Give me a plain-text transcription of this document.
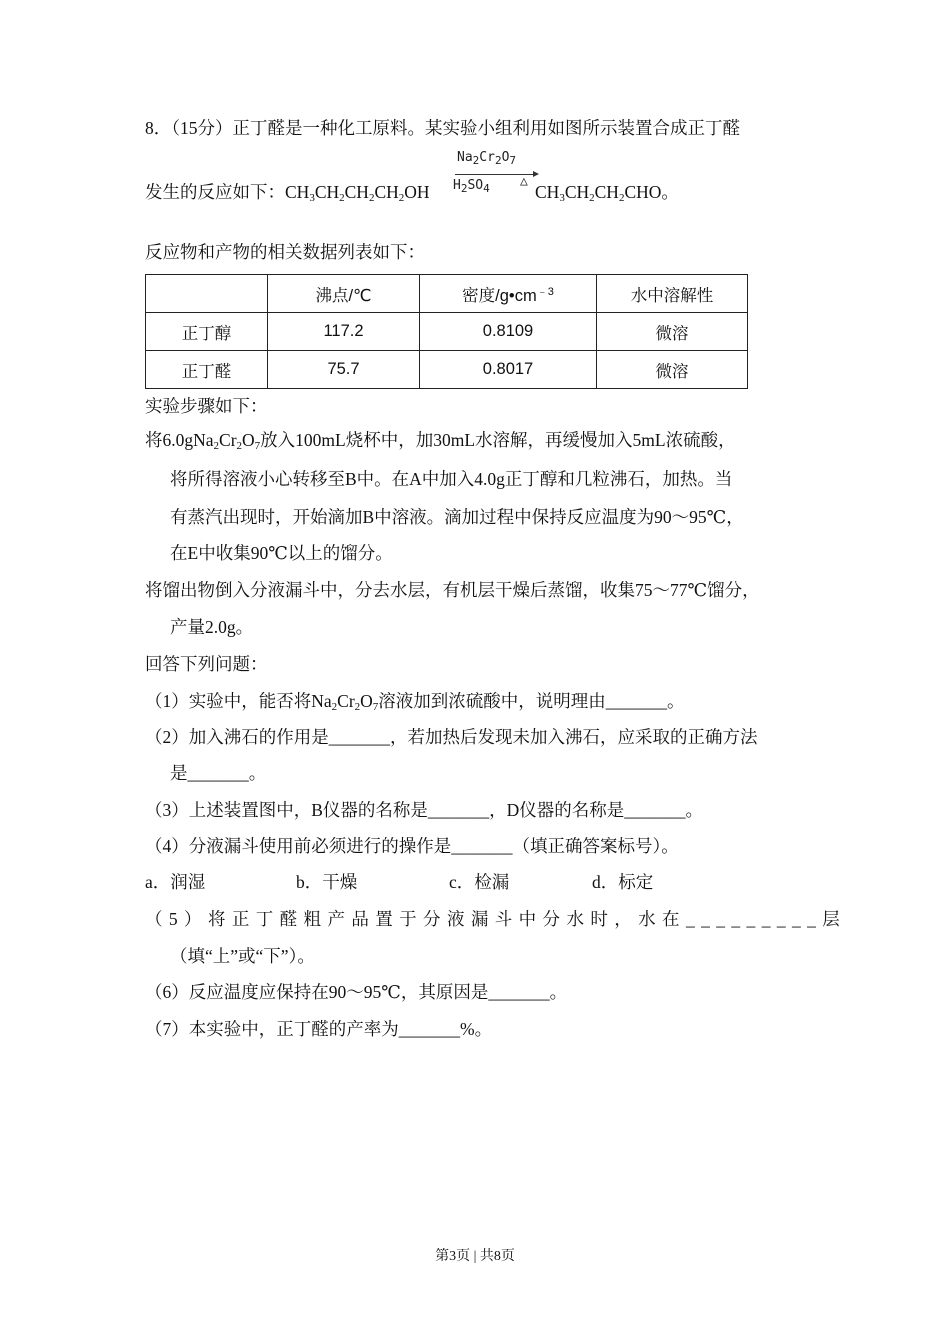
8．（15分）正丁醛是一种化工原料。某实验小组利用如图所示装置合成正丁醛
发生的反应如下：$CH_3CH_2CH_2CH_2OH$
$Na_2Cr_2O_7$
$H_2SO_4$ △
$CH_3CH_2CH_2CHO$。
反应物和产物的相关数据列表如下：
	沸点/℃	密度$/g•cm^{﹣3}$	水中溶解性
正丁醇	117.2	0.8109	微溶
正丁醛	75.7	0.8017	微溶
实验步骤如下：
将$6.0gNa_2Cr_2O_7$放入100mL烧杯中，加30mL水溶解，再缓慢加入5mL浓硫酸，
将所得溶液小心转移至B中。在A中加入4.0g正丁醇和几粒沸石，加热。当
有蒸汽出现时，开始滴加B中溶液。滴加过程中保持反应温度为90～95℃，
在E中收集90℃以上的馏分。
将馏出物倒入分液漏斗中，分去水层，有机层干燥后蒸馏，收集75～77℃馏分，
产量2.0g。
回答下列问题：
（1）实验中，能否将$Na_2Cr_2O_7$溶液加到浓硫酸中，说明理由_______。
（2）加入沸石的作用是_______，若加热后发现未加入沸石，应采取的正确方法
是_______。
（3）上述装置图中，B仪器的名称是_______，D仪器的名称是_______。
（4）分液漏斗使用前必须进行的操作是_______（填正确答案标号）。
a．润湿
（5）将正丁醛粗产品置于分液漏斗中分水时，水在_________层
（填“上”或“下”）。
（6）反应温度应保持在90～95℃，其原因是_______。
（7）本实验中，正丁醛的产率为_______%。
b．干燥	c．检漏	d．标定
第3页 | 共8页
